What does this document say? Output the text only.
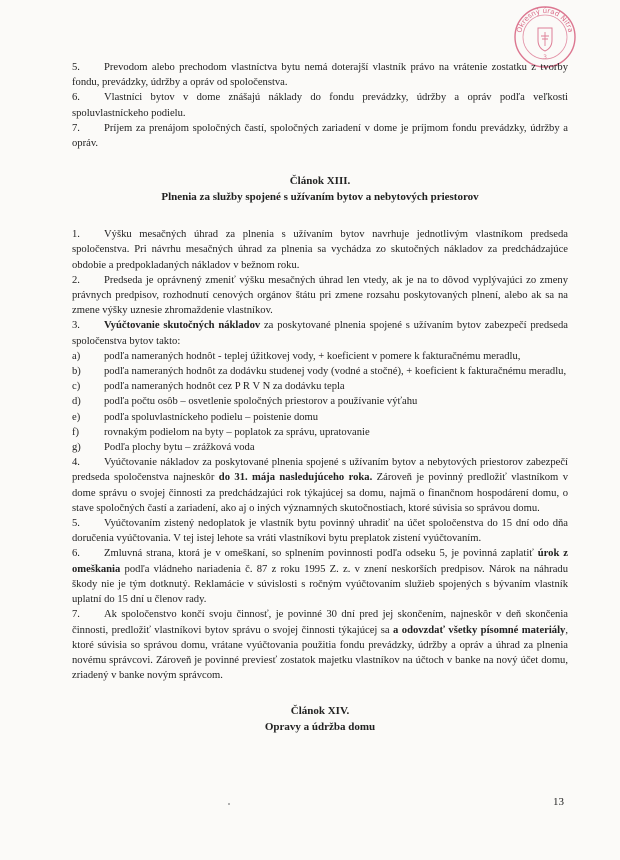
Okresný úrad Nitra
3
5. Prevodom alebo prechodom vlastníctva bytu nemá doterajší vlastník právo na vrátenie zostatku z tvorby fondu, prevádzky, údržby a opráv od spoločenstva.
6. Vlastníci bytov v dome znášajú náklady do fondu prevádzky, údržby a opráv podľa veľkosti spoluvlastníckeho podielu.
7. Príjem za prenájom spoločných častí, spoločných zariadení v dome je príjmom fondu prevádzky, údržby a opráv.
Článok XIII.
Plnenia za služby spojené s užívaním bytov a nebytových priestorov
1. Výšku mesačných úhrad za plnenia s užívaním bytov navrhuje jednotlivým vlastníkom predseda spoločenstva. Pri návrhu mesačných úhrad za plnenia sa vychádza zo skutočných nákladov za predchádzajúce obdobie a predpokladaných nákladov v bežnom roku.
2. Predseda je oprávnený zmeniť výšku mesačných úhrad len vtedy, ak je na to dôvod vyplývajúci zo zmeny právnych predpisov, rozhodnutí cenových orgánov štátu pri zmene rozsahu poskytovaných plnení, alebo ak sa na zmene výšky uznesie zhromaždenie vlastníkov.
3. Vyúčtovanie skutočných nákladov za poskytované plnenia spojené s užívaním bytov zabezpečí predseda spoločenstva bytov takto:
a)	podľa nameraných hodnôt - teplej úžitkovej vody, + koeficient v pomere k fakturačnému meradlu,
b)	podľa nameraných hodnôt za dodávku studenej vody (vodné a stočné), + koeficient k fakturačnému meradlu,
c)	podľa nameraných hodnôt cez P R V N za dodávku tepla
d)	podľa počtu osôb – osvetlenie spoločných priestorov a používanie výťahu
e)	podľa spoluvlastníckeho podielu – poistenie domu
f)	rovnakým podielom na byty – poplatok za správu, upratovanie
g)	Podľa plochy bytu – zrážková voda
4. Vyúčtovanie nákladov za poskytované plnenia spojené s užívaním bytov a nebytových priestorov zabezpečí predseda spoločenstva najneskôr do 31. mája nasledujúceho roka. Zároveň je povinný predložiť vlastníkom v dome správu o svojej činnosti za predchádzajúci rok týkajúcej sa domu, najmä o finančnom hospodárení domu, o stave spoločných častí a zariadení, ako aj o iných významných skutočnostiach, ktoré súvisia so správou domu.
5. Vyúčtovaním zistený nedoplatok je vlastník bytu povinný uhradiť na účet spoločenstva do 15 dní odo dňa doručenia vyúčtovania. V tej istej lehote sa vráti vlastníkovi bytu preplatok zistení vyúčtovaním.
6. Zmluvná strana, ktorá je v omeškaní, so splnením povinnosti podľa odseku 5, je povinná zaplatiť úrok z omeškania podľa vládneho nariadenia č. 87 z roku 1995 Z. z. v znení neskorších predpisov. Nárok na náhradu škody nie je tým dotknutý. Reklamácie v súvislosti s ročným vyúčtovaním služieb spojených s bývaním vlastník uplatní do 15 dní u členov rady.
7. Ak spoločenstvo končí svoju činnosť, je povinné 30 dní pred jej skončením, najneskôr v deň skončenia činnosti, predložiť vlastníkovi bytov správu o svojej činnosti týkajúcej sa a odovzdať všetky písomné materiály, ktoré súvisia so správou domu, vrátane vyúčtovania použitia fondu prevádzky, údržby a opráv a úhrad za plnenia novému správcovi. Zároveň je povinné previesť zostatok majetku vlastníkov na účtoch v banke na nový účet domu, zriadený v banke novým správcom.
Článok XIV.
Opravy a údržba domu
13
